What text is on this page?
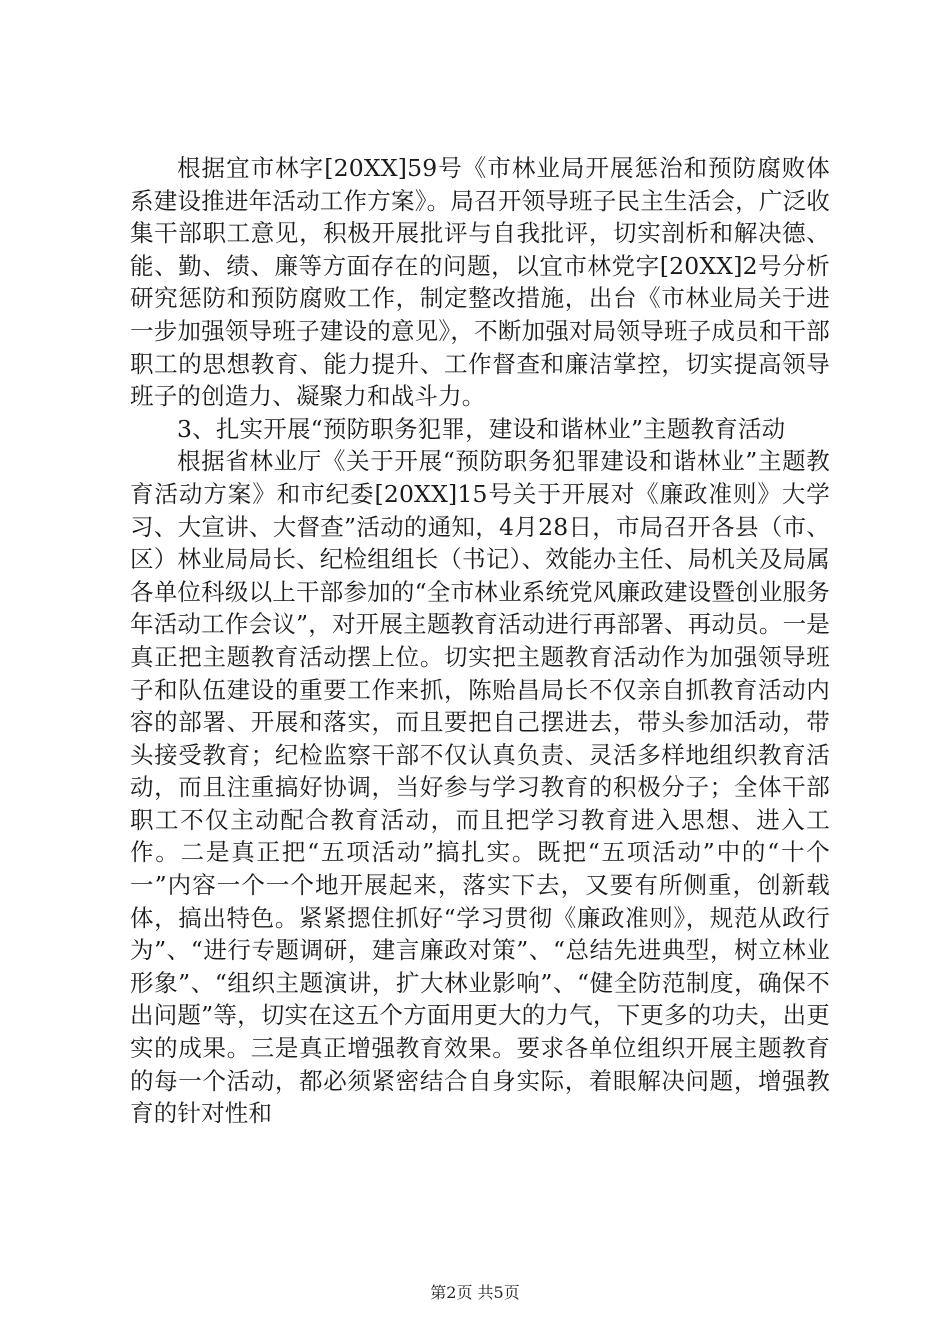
根据宜市林字[20XX]59号《市林业局开展惩治和预防腐败体系建设推进年活动工作方案》。局召开领导班子民主生活会，广泛收集干部职工意见，积极开展批评与自我批评，切实剖析和解决德、能、勤、绩、廉等方面存在的问题，以宜市林党字[20XX]2号分析研究惩防和预防腐败工作，制定整改措施，出台《市林业局关于进一步加强领导班子建设的意见》，不断加强对局领导班子成员和干部职工的思想教育、能力提升、工作督查和廉洁掌控，切实提高领导班子的创造力、凝聚力和战斗力。

3、扎实开展“预防职务犯罪，建设和谐林业”主题教育活动

根据省林业厅《关于开展“预防职务犯罪建设和谐林业”主题教育活动方案》和市纪委[20XX]15号关于开展对《廉政准则》大学习、大宣讲、大督查”活动的通知，4月28日，市局召开各县（市、区）林业局局长、纪检组组长（书记）、效能办主任、局机关及局属各单位科级以上干部参加的“全市林业系统党风廉政建设暨创业服务年活动工作会议”，对开展主题教育活动进行再部署、再动员。一是真正把主题教育活动摆上位。切实把主题教育活动作为加强领导班子和队伍建设的重要工作来抓，陈贻昌局长不仅亲自抓教育活动内容的部署、开展和落实，而且要把自己摆进去，带头参加活动，带头接受教育；纪检监察干部不仅认真负责、灵活多样地组织教育活动，而且注重搞好协调，当好参与学习教育的积极分子；全体干部职工不仅主动配合教育活动，而且把学习教育进入思想、进入工作。二是真正把“五项活动”搞扎实。既把“五项活动”中的“十个一”内容一个一个地开展起来，落实下去，又要有所侧重，创新载体，搞出特色。紧紧摁住抓好“学习贯彻《廉政准则》，规范从政行为”、“进行专题调研，建言廉政对策”、“总结先进典型，树立林业形象”、“组织主题演讲，扩大林业影响”、“健全防范制度，确保不出问题”等，切实在这五个方面用更大的力气，下更多的功夫，出更实的成果。三是真正增强教育效果。要求各单位组织开展主题教育的每一个活动，都必须紧密结合自身实际，着眼解决问题，增强教育的针对性和

第2页 共5页
